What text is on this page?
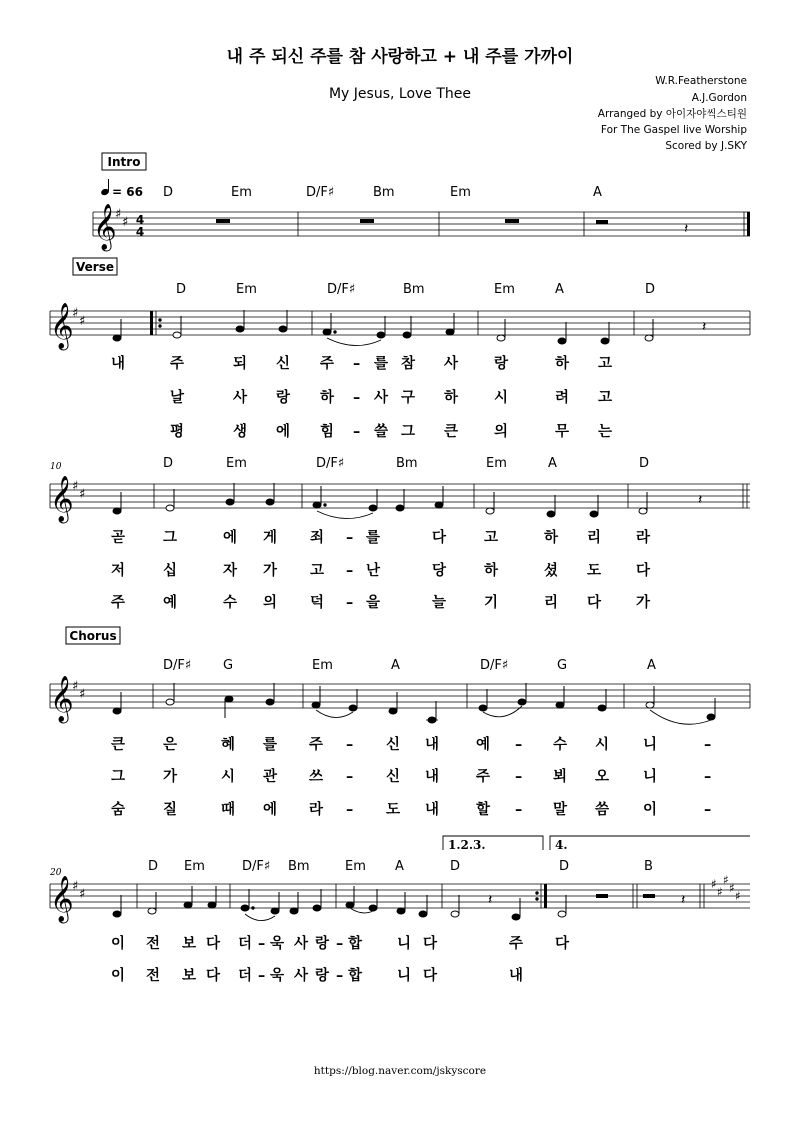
내 주 되신 주를 참 사랑하고 + 내 주를 가까이
My Jesus, Love Thee
W.R.Featherstone
A.J.Gordon
Arranged by 아이자야씩스티원
For The Gaspel live Worship
Scored by J.SKY
Intro
= 66 D	Em	D/F♯	Bm	Em	A
𝄞
♯
♯ 4
4	𝄽
Verse
D	Em	D/F♯	Bm	Em	A	D
𝄞
♯
♯	𝄽
내	주	되 신 주 – 를 참 사 랑	하 고
날	사 랑 하 – 사 구 하 시	려 고
평	생 에 힘 – 쓸 그 큰 의	무 는
10	D	Em	D/F♯	Bm	Em	A	D
𝄞
♯
♯	𝄽
곧	그	에 게 죄 – 를	다	고	하 리 라
저	십	자 가 고 – 난	당	하	셨 도 다
주	예	수 의 덕 – 을	늘	기	리 다 가
Chorus
D/F♯ G	Em	A	D/F♯	G	A
𝄞
♯
♯
큰	은	혜 를 주 – 신 내	예 – 수 시 니	–
그	가	시 관 쓰 – 신 내	주 – 뵈 오 니	–
숨	질	때 에 라 – 도 내	할 – 말 씀 이	–
20
1.2.3.	4.
D Em	D/F♯ Bm	Em A	D	D	B
𝄞
♯
♯
♯
♯
♯
♯
♯
𝄽	𝄽
이 전 보 다 더 – 욱 사 랑 – 합 니 다	주 다
이 전 보 다 더 – 욱 사 랑 – 합 니 다	내
https://blog.naver.com/jskyscore
